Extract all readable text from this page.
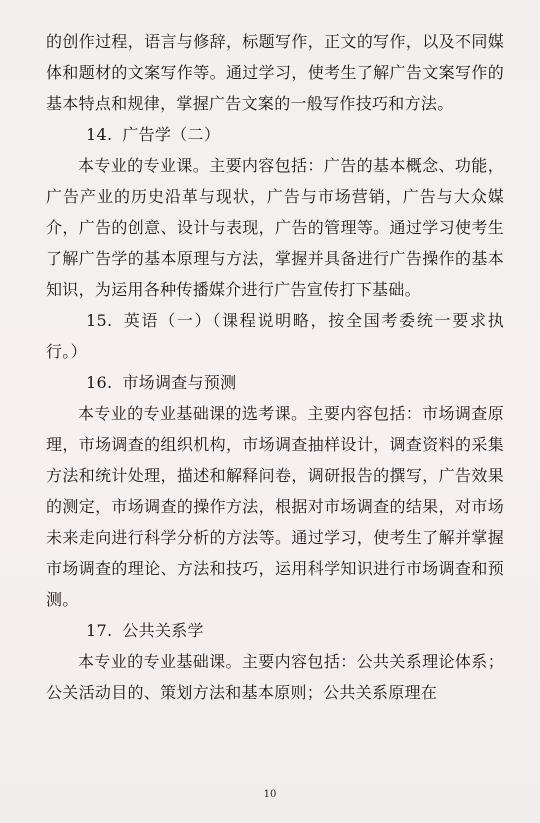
的创作过程，语言与修辞，标题写作，正文的写作，以及不同媒体和题材的文案写作等。通过学习，使考生了解广告文案写作的基本特点和规律，掌握广告文案的一般写作技巧和方法。

14. 广告学（二）

本专业的专业课。主要内容包括：广告的基本概念、功能，广告产业的历史沿革与现状，广告与市场营销，广告与大众媒介，广告的创意、设计与表现，广告的管理等。通过学习使考生了解广告学的基本原理与方法，掌握并具备进行广告操作的基本知识，为运用各种传播媒介进行广告宣传打下基础。

15. 英语（一）（课程说明略，按全国考委统一要求执行。）

16. 市场调查与预测

本专业的专业基础课的选考课。主要内容包括：市场调查原理，市场调查的组织机构，市场调查抽样设计，调查资料的采集方法和统计处理，描述和解释问卷，调研报告的撰写，广告效果的测定，市场调查的操作方法，根据对市场调查的结果，对市场未来走向进行科学分析的方法等。通过学习，使考生了解并掌握市场调查的理论、方法和技巧，运用科学知识进行市场调查和预测。

17. 公共关系学

本专业的专业基础课。主要内容包括：公共关系理论体系；公关活动目的、策划方法和基本原则；公共关系原理在

10
